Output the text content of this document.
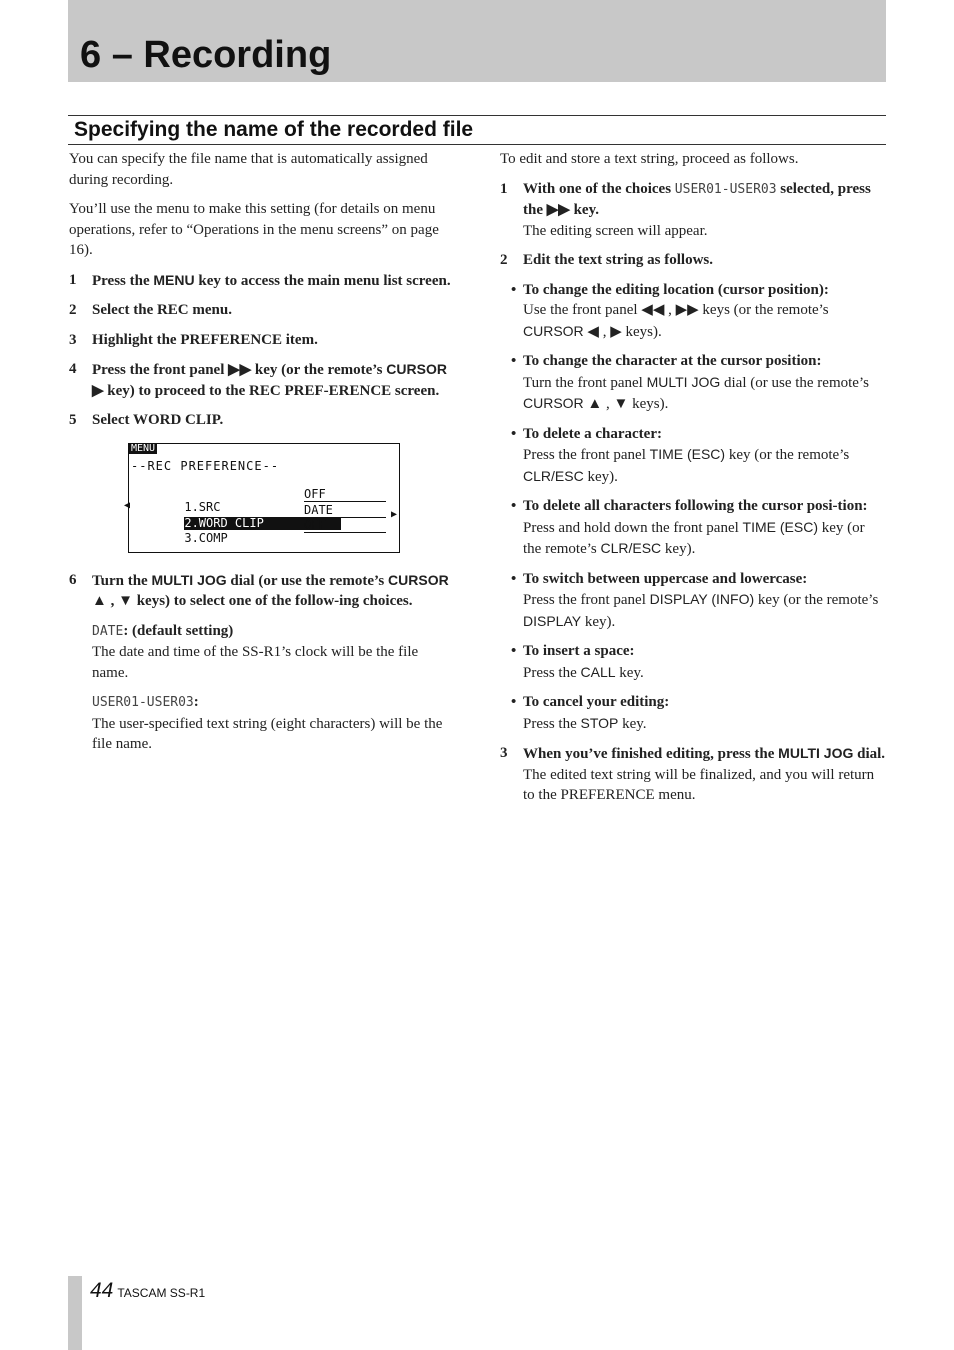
6 – Recording
Specifying the name of the recorded file

You can specify the file name that is automatically assigned during recording.

You’ll use the menu to make this setting (for details on menu operations, refer to “Operations in the menu screens” on page 16).

1 Press the MENU key to access the main menu list screen.
2 Select the REC menu.
3 Highlight the PREFERENCE item.
4 Press the front panel ▶▶ key (or the remote’s CURSOR ▶ key) to proceed to the REC PREF-ERENCE screen.
5 Select WORD CLIP.
MENU
--REC PREFERENCE--

1.SRC
OFF

2.WORD CLIP
DATE

3.COMP
OFF

◀
▶
6 Turn the MULTI JOG dial (or use the remote’s CURSOR ▲ , ▼ keys) to select one of the follow-ing choices.

DATE: (default setting)

The date and time of the SS-R1’s clock will be the file name.

USER01-USER03:

The user-specified text string (eight characters) will be the file name.

To edit and store a text string, proceed as follows.

1 With one of the choices USER01-USER03 selected, press the ▶▶ key.

The editing screen will appear.

2 Edit the text string as follows.
• To change the editing location (cursor position):

Use the front panel ◀◀ , ▶▶ keys (or the remote’s CURSOR ◀ , ▶ keys).

• To change the character at the cursor position:

Turn the front panel MULTI JOG dial (or use the remote’s CURSOR ▲ , ▼ keys).

• To delete a character:

Press the front panel TIME (ESC) key (or the remote’s CLR/ESC key).

• To delete all characters following the cursor posi-tion:

Press and hold down the front panel TIME (ESC) key (or the remote’s CLR/ESC key).

• To switch between uppercase and lowercase:

Press the front panel DISPLAY (INFO) key (or the remote’s DISPLAY key).

• To insert a space:

Press the CALL key.

• To cancel your editing:

Press the STOP key.

3 When you’ve finished editing, press the MULTI JOG dial.

The edited text string will be finalized, and you will return to the PREFERENCE menu.

44 TASCAM SS-R1
